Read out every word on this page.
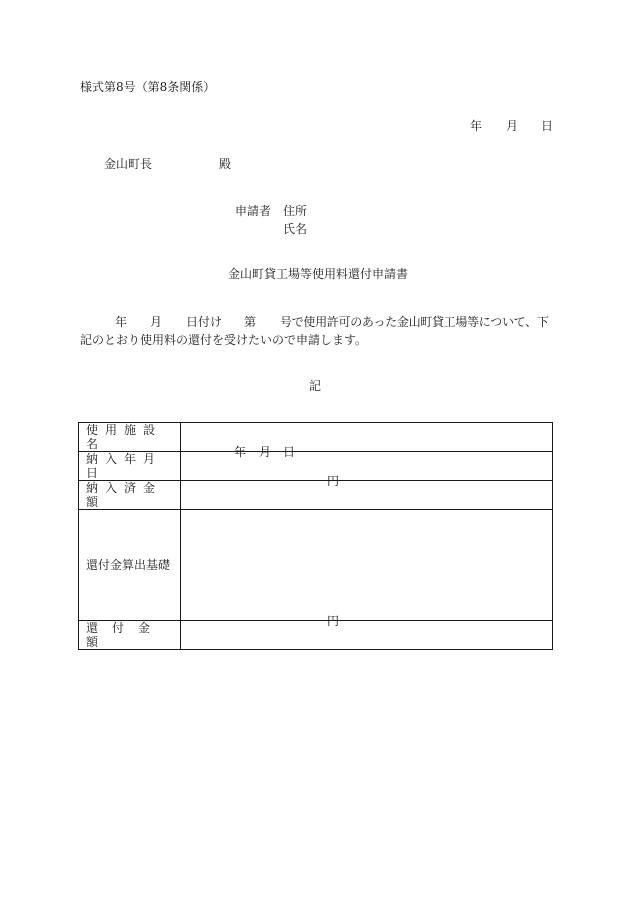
様式第8号（第8条関係）
年 月 日
金山町長	殿
申請者 住所
氏名
金山町貸工場等使用料還付申請書
年 月 日付け 第 号で使用許可のあった金山町貸工場等について、下
記のとおり使用料の還付を受けたいので申請します。
記
使用施設名	
納入年月日	年 月 日

納入済金額	円

還付金算出基礎	
還付金額	円
